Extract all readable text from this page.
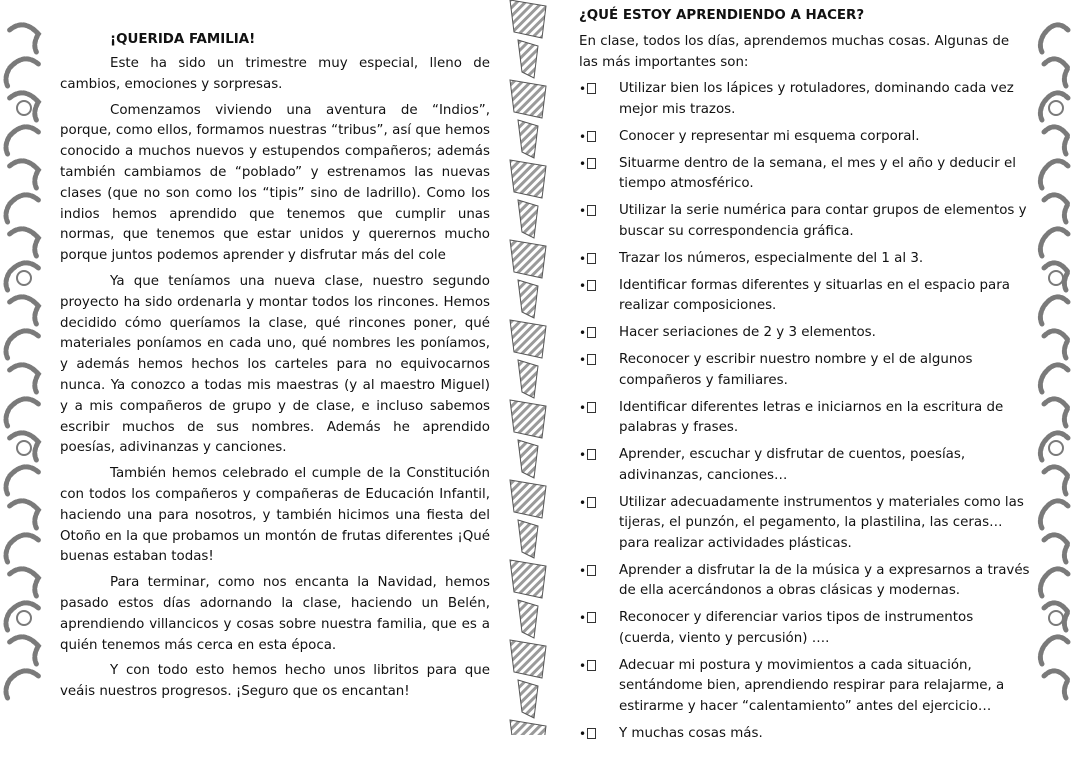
¡QUERIDA FAMILIA!

Este ha sido un trimestre muy especial, lleno de cambios, emociones y sorpresas.

Comenzamos viviendo una aventura de “Indios”, porque, como ellos, formamos nuestras “tribus”, así que hemos conocido a muchos nuevos y estupendos compañeros; además también cambiamos de “poblado” y estrenamos las nuevas clases (que no son como los “tipis” sino de ladrillo). Como los indios hemos aprendido que tenemos que cumplir unas normas, que tenemos que estar unidos y querernos mucho porque juntos podemos aprender y disfrutar más del cole

Ya que teníamos una nueva clase, nuestro segundo proyecto ha sido ordenarla y montar todos los rincones. Hemos decidido cómo queríamos la clase, qué rincones poner, qué materiales poníamos en cada uno, qué nombres les poníamos, y además hemos hechos los carteles para no equivocarnos nunca. Ya conozco a todas mis maestras (y al maestro Miguel) y a mis compañeros de grupo y de clase, e incluso sabemos escribir muchos de sus nombres. Además he aprendido poesías, adivinanzas y canciones.

También hemos celebrado el cumple de la Constitución con todos los compañeros y compañeras de Educación Infantil, haciendo una para nosotros, y también hicimos una fiesta del Otoño en la que probamos un montón de frutas diferentes ¡Qué buenas estaban todas!

Para terminar, como nos encanta la Navidad, hemos pasado estos días adornando la clase, haciendo un Belén, aprendiendo villancicos y cosas sobre nuestra familia, que es a quién tenemos más cerca en esta época.

Y con todo esto hemos hecho unos libritos para que veáis nuestros progresos. ¡Seguro que os encantan!

¿QUÉ ESTOY APRENDIENDO A HACER?
En clase, todos los días, aprendemos muchas cosas. Algunas de las más importantes son:
•	Utilizar bien los lápices y rotuladores, dominando cada vez mejor mis trazos.
•	Conocer y representar mi esquema corporal.
•	Situarme dentro de la semana, el mes y el año y deducir el tiempo atmosférico.
•	Utilizar la serie numérica para contar grupos de elementos y buscar su correspondencia gráfica.
•	Trazar los números, especialmente del 1 al 3.
•	Identificar formas diferentes y situarlas en el espacio para realizar composiciones.
•	Hacer seriaciones de 2 y 3 elementos.
•	Reconocer y escribir nuestro nombre y el de algunos compañeros y familiares.
•	Identificar diferentes letras e iniciarnos en la escritura de palabras y frases.
•	Aprender, escuchar y disfrutar de cuentos, poesías, adivinanzas, canciones…
•	Utilizar adecuadamente instrumentos y materiales como las tijeras, el punzón, el pegamento, la plastilina, las ceras… para realizar actividades plásticas.
•	Aprender a disfrutar la de la música y a expresarnos a través de ella acercándonos a obras clásicas y modernas.
•	Reconocer y diferenciar varios tipos de instrumentos (cuerda, viento y percusión) ….
•	Adecuar mi postura y movimientos a cada situación, sentándome bien, aprendiendo respirar para relajarme, a estirarme y hacer “calentamiento” antes del ejercicio…
•	Y muchas cosas más.
